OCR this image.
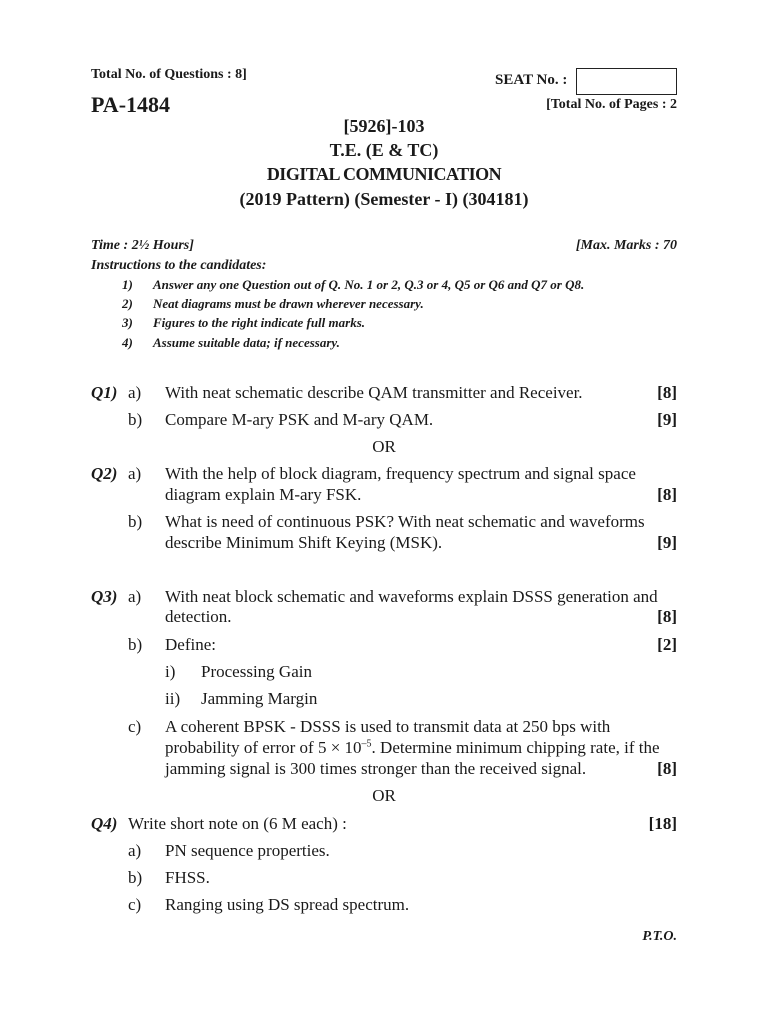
Total No. of Questions : 8]	SEAT No. :
PA-1484	[Total No. of Pages : 2
[5926]-103
T.E. (E & TC)
DIGITAL COMMUNICATION
(2019 Pattern) (Semester - I) (304181)
Time : 2½ Hours]	[Max. Marks : 70
Instructions to the candidates:
1) Answer any one Question out of Q. No. 1 or 2, Q.3 or 4, Q5 or Q6 and Q7 or Q8.
2) Neat diagrams must be drawn wherever necessary.
3) Figures to the right indicate full marks.
4) Assume suitable data; if necessary.
Q1) a) With neat schematic describe QAM transmitter and Receiver.	[8]
b) Compare M-ary PSK and M-ary QAM.	[9]
OR
Q2) a) With the help of block diagram, frequency spectrum and signal space
diagram explain M-ary FSK.	[8]
b) What is need of continuous PSK? With neat schematic and waveforms
describe Minimum Shift Keying (MSK).	[9]
Q3) a) With neat block schematic and waveforms explain DSSS generation and
detection.	[8]
b) Define:	[2]
i) Processing Gain
ii) Jamming Margin
c) A coherent BPSK - DSSS is used to transmit data at 250 bps with
probability of error of $5 \times 10^{-5}$. Determine minimum chipping rate, if the
jamming signal is 300 times stronger than the received signal.	[8]
OR
Q4) Write short note on (6 M each) :	[18]
a) PN sequence properties.
b) FHSS.
c) Ranging using DS spread spectrum.
P.T.O.
